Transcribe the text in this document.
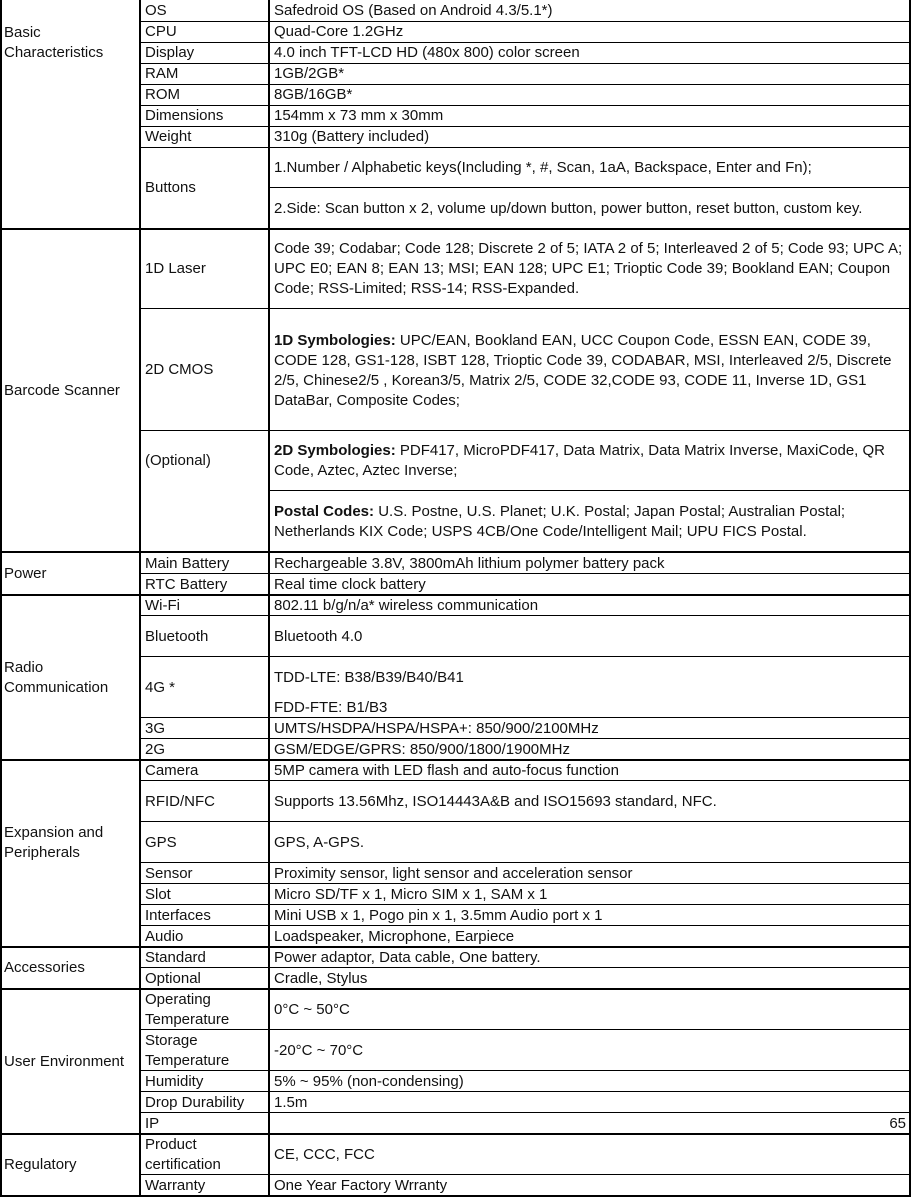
Basic
Characteristics
Barcode Scanner
Power
Radio
Communication
Expansion and
Peripherals
Accessories
User Environment
Regulatory
OS
CPU
Display
RAM
ROM
Dimensions
Weight
Buttons
1D Laser
2D CMOS
(Optional)
Main Battery
RTC Battery
Wi-Fi
Bluetooth
4G *
3G
2G
Camera
RFID/NFC
GPS
Sensor
Slot
Interfaces
Audio
Standard
Optional
Operating
Temperature
Storage
Temperature
Humidity
Drop Durability
IP
Product
certification
Warranty
Safedroid OS (Based on Android 4.3/5.1*)
Quad-Core 1.2GHz
4.0 inch TFT-LCD HD (480x 800) color screen
1GB/2GB*
8GB/16GB*
154mm x 73 mm x 30mm
310g (Battery included)
1.Number / Alphabetic keys(Including *, #, Scan, 1aA, Backspace, Enter and Fn);
2.Side: Scan button x 2, volume up/down button, power button, reset button, custom key.
Code 39; Codabar; Code 128; Discrete 2 of 5; IATA 2 of 5; Interleaved 2 of 5; Code 93; UPC A; UPC E0; EAN 8; EAN 13; MSI; EAN 128; UPC E1; Trioptic Code 39; Bookland EAN; Coupon Code; RSS-Limited; RSS-14; RSS-Expanded.
1D Symbologies: UPC/EAN, Bookland EAN, UCC Coupon Code, ESSN EAN, CODE 39, CODE 128, GS1-128, ISBT 128, Trioptic Code 39, CODABAR, MSI, Interleaved 2/5, Discrete 2/5, Chinese2/5 , Korean3/5, Matrix 2/5, CODE 32,CODE 93, CODE 11, Inverse 1D, GS1 DataBar, Composite Codes;
2D Symbologies: PDF417, MicroPDF417, Data Matrix, Data Matrix Inverse, MaxiCode, QR Code, Aztec, Aztec Inverse;
Postal Codes: U.S. Postne, U.S. Planet; U.K. Postal; Japan Postal; Australian Postal; Netherlands KIX Code; USPS 4CB/One Code/Intelligent Mail; UPU FICS Postal.
Rechargeable 3.8V, 3800mAh lithium polymer battery pack
Real time clock battery
802.11 b/g/n/a* wireless communication
Bluetooth 4.0
TDD-LTE: B38/B39/B40/B41
FDD-FTE: B1/B3
UMTS/HSDPA/HSPA/HSPA+: 850/900/2100MHz
GSM/EDGE/GPRS: 850/900/1800/1900MHz
5MP camera with LED flash and auto-focus function
Supports 13.56Mhz, ISO14443A&B and ISO15693 standard, NFC.
GPS, A-GPS.
Proximity sensor, light sensor and acceleration sensor
Micro SD/TF x 1, Micro SIM x 1, SAM x 1
Mini USB x 1, Pogo pin x 1, 3.5mm Audio port x 1
Loadspeaker, Microphone, Earpiece
Power adaptor, Data cable, One battery.
Cradle, Stylus
0°C ~ 50°C
-20°C ~ 70°C
5% ~ 95% (non-condensing)
1.5m
65
CE, CCC, FCC
One Year Factory Wrranty
